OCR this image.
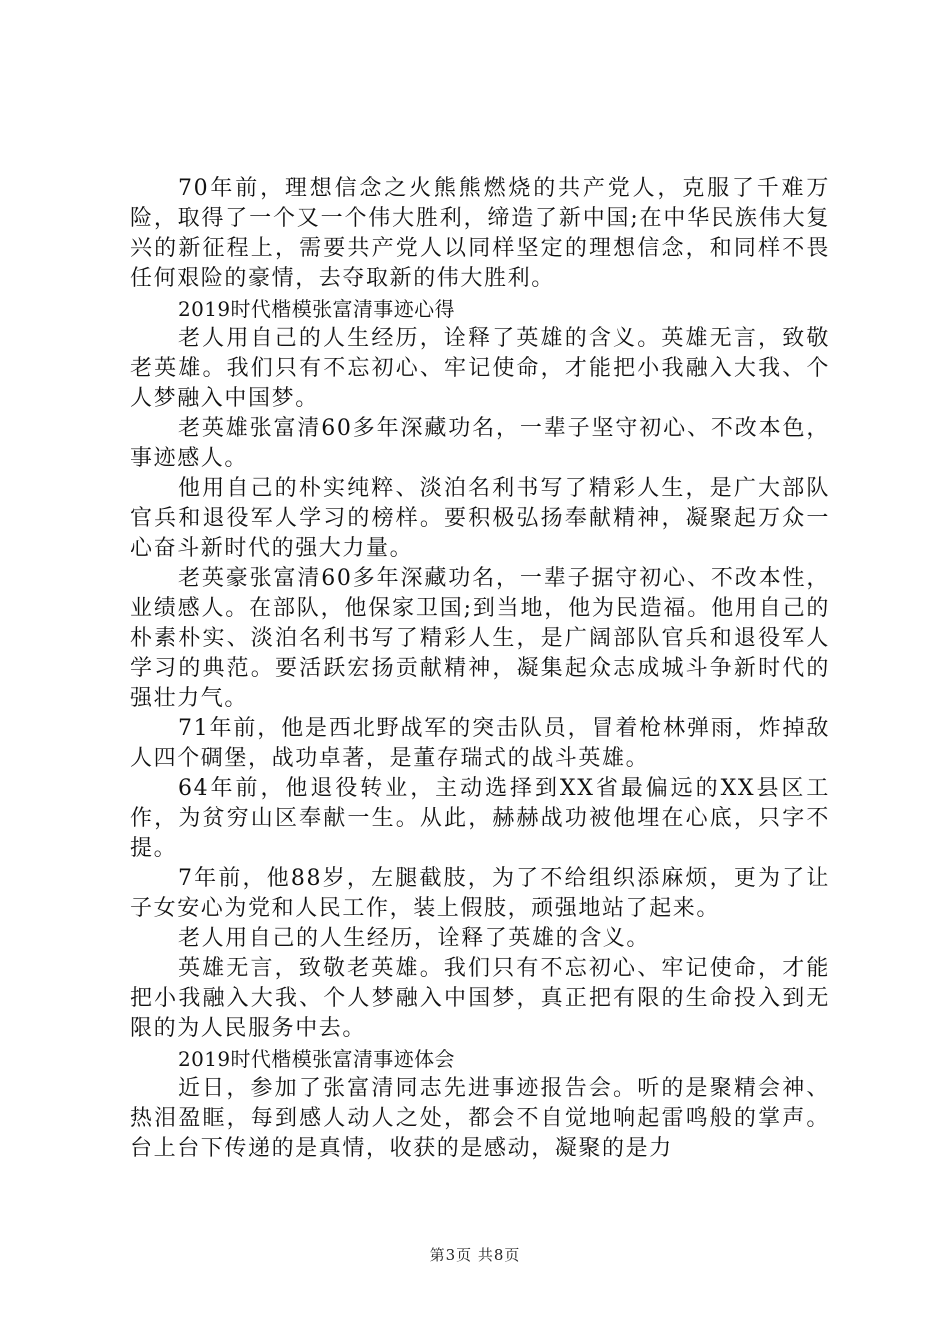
70年前，理想信念之火熊熊燃烧的共产党人，克服了千难万险，取得了一个又一个伟大胜利，缔造了新中国;在中华民族伟大复兴的新征程上，需要共产党人以同样坚定的理想信念，和同样不畏任何艰险的豪情，去夺取新的伟大胜利。

2019时代楷模张富清事迹心得

老人用自己的人生经历，诠释了英雄的含义。英雄无言，致敬老英雄。我们只有不忘初心、牢记使命，才能把小我融入大我、个人梦融入中国梦。

老英雄张富清60多年深藏功名，一辈子坚守初心、不改本色，事迹感人。

他用自己的朴实纯粹、淡泊名利书写了精彩人生，是广大部队官兵和退役军人学习的榜样。要积极弘扬奉献精神，凝聚起万众一心奋斗新时代的强大力量。

老英豪张富清60多年深藏功名，一辈子据守初心、不改本性，业绩感人。在部队，他保家卫国;到当地，他为民造福。他用自己的朴素朴实、淡泊名利书写了精彩人生，是广阔部队官兵和退役军人学习的典范。要活跃宏扬贡献精神，凝集起众志成城斗争新时代的强壮力气。

71年前，他是西北野战军的突击队员，冒着枪林弹雨，炸掉敌人四个碉堡，战功卓著，是董存瑞式的战斗英雄。

64年前，他退役转业，主动选择到XX省最偏远的XX县区工作，为贫穷山区奉献一生。从此，赫赫战功被他埋在心底，只字不提。

7年前，他88岁，左腿截肢，为了不给组织添麻烦，更为了让子女安心为党和人民工作，装上假肢，顽强地站了起来。

老人用自己的人生经历，诠释了英雄的含义。

英雄无言，致敬老英雄。我们只有不忘初心、牢记使命，才能把小我融入大我、个人梦融入中国梦，真正把有限的生命投入到无限的为人民服务中去。

2019时代楷模张富清事迹体会

近日，参加了张富清同志先进事迹报告会。听的是聚精会神、热泪盈眶，每到感人动人之处，都会不自觉地响起雷鸣般的掌声。台上台下传递的是真情，收获的是感动，凝聚的是力

第3页 共8页
